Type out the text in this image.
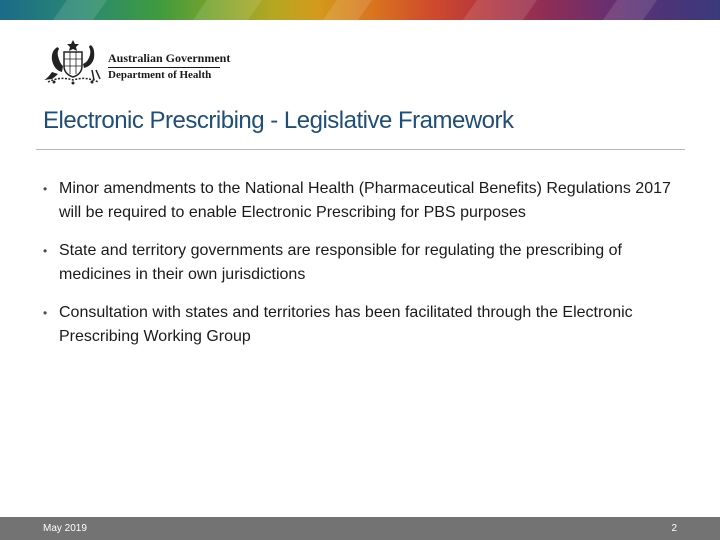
Australian Government
Department of Health
Electronic Prescribing - Legislative Framework
• Minor amendments to the National Health (Pharmaceutical Benefits) Regulations 2017 will be required to enable Electronic Prescribing for PBS purposes
• State and territory governments are responsible for regulating the prescribing of medicines in their own jurisdictions
• Consultation with states and territories has been facilitated through the Electronic Prescribing Working Group
May 2019	2
